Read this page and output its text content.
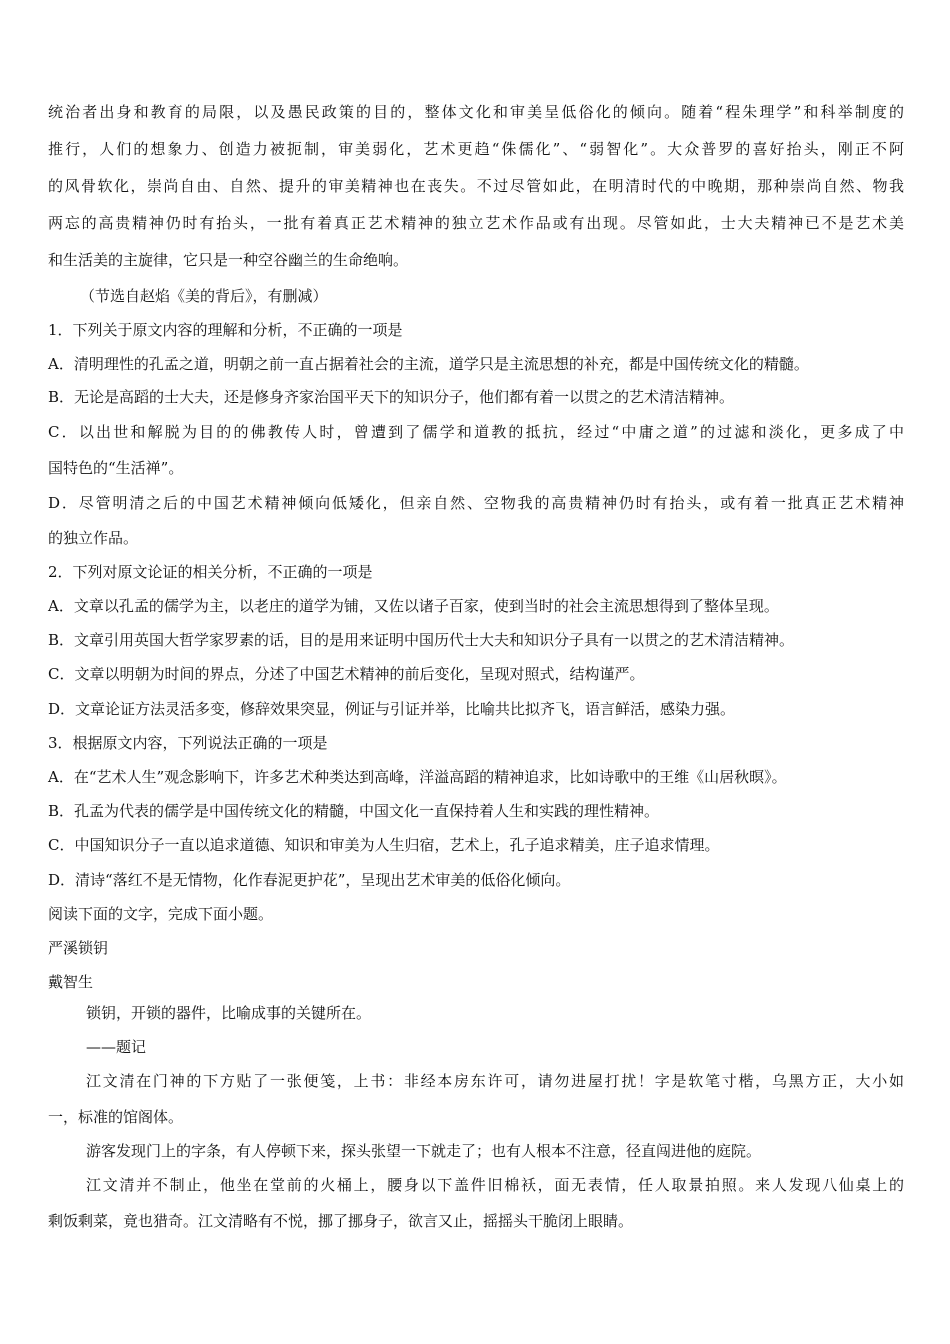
统治者出身和教育的局限，以及愚民政策的目的，整体文化和审美呈低俗化的倾向。随着“程朱理学”和科举制度的

推行，人们的想象力、创造力被扼制，审美弱化，艺术更趋“侏儒化”、“弱智化”。大众普罗的喜好抬头，刚正不阿

的风骨软化，崇尚自由、自然、提升的审美精神也在丧失。不过尽管如此，在明清时代的中晚期，那种崇尚自然、物我

两忘的高贵精神仍时有抬头，一批有着真正艺术精神的独立艺术作品或有出现。尽管如此，士大夫精神已不是艺术美

和生活美的主旋律，它只是一种空谷幽兰的生命绝响。

（节选自赵焰《美的背后》，有删减）

1．下列关于原文内容的理解和分析，不正确的一项是

A．清明理性的孔孟之道，明朝之前一直占据着社会的主流，道学只是主流思想的补充，都是中国传统文化的精髓。

B．无论是高蹈的士大夫，还是修身齐家治国平天下的知识分子，他们都有着一以贯之的艺术清洁精神。

C．以出世和解脱为目的的佛教传人时，曾遭到了儒学和道教的抵抗，经过“中庸之道”的过滤和淡化，更多成了中

国特色的“生活禅”。

D．尽管明清之后的中国艺术精神倾向低矮化，但亲自然、空物我的高贵精神仍时有抬头，或有着一批真正艺术精神

的独立作品。

2．下列对原文论证的相关分析，不正确的一项是

A．文章以孔孟的儒学为主，以老庄的道学为铺，又佐以诸子百家，使到当时的社会主流思想得到了整体呈现。

B．文章引用英国大哲学家罗素的话，目的是用来证明中国历代士大夫和知识分子具有一以贯之的艺术清洁精神。

C．文章以明朝为时间的界点，分述了中国艺术精神的前后变化，呈现对照式，结构谨严。

D．文章论证方法灵活多变，修辞效果突显，例证与引证并举，比喻共比拟齐飞，语言鲜活，感染力强。

3．根据原文内容，下列说法正确的一项是

A．在“艺术人生”观念影响下，许多艺术种类达到高峰，洋溢高蹈的精神追求，比如诗歌中的王维《山居秋暝》。

B．孔孟为代表的儒学是中国传统文化的精髓，中国文化一直保持着人生和实践的理性精神。

C．中国知识分子一直以追求道德、知识和审美为人生归宿，艺术上，孔子追求精美，庄子追求情理。

D．清诗“落红不是无情物，化作春泥更护花”，呈现出艺术审美的低俗化倾向。

阅读下面的文字，完成下面小题。

严溪锁钥

戴智生

锁钥，开锁的器件，比喻成事的关键所在。

——题记

江文清在门神的下方贴了一张便笺，上书：非经本房东许可，请勿进屋打扰！字是软笔寸楷，乌黑方正，大小如

一，标准的馆阁体。

游客发现门上的字条，有人停顿下来，探头张望一下就走了；也有人根本不注意，径直闯进他的庭院。

江文清并不制止，他坐在堂前的火桶上，腰身以下盖件旧棉袄，面无表情，任人取景拍照。来人发现八仙桌上的

剩饭剩菜，竟也猎奇。江文清略有不悦，挪了挪身子，欲言又止，摇摇头干脆闭上眼睛。
